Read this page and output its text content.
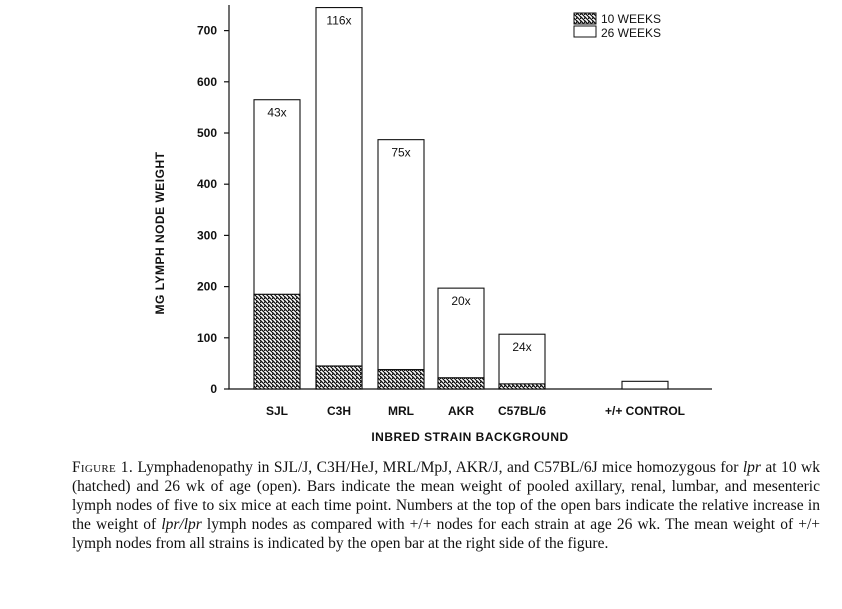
0
100
200
300
400
500
600
700
SJL	C3H	MRL	AKR C57BL/6	+/+ CONTROL
43x
116x
75x
20x
24x
10 WEEKS
26 WEEKS
MG LYMPH NODE WEIGHT
INBRED STRAIN BACKGROUND
Figure 1. Lymphadenopathy in SJL/J, C3H/HeJ, MRL/MpJ, AKR/J, and C57BL/6J mice homozygous for lpr at 10 wk (hatched) and 26 wk of age (open). Bars indicate the mean weight of pooled axillary, renal, lumbar, and mesenteric lymph nodes of five to six mice at each time point. Numbers at the top of the open bars indicate the relative increase in the weight of lpr/lpr lymph nodes as compared with +/+ nodes for each strain at age 26 wk. The mean weight of +/+ lymph nodes from all strains is indicated by the open bar at the right side of the figure.
